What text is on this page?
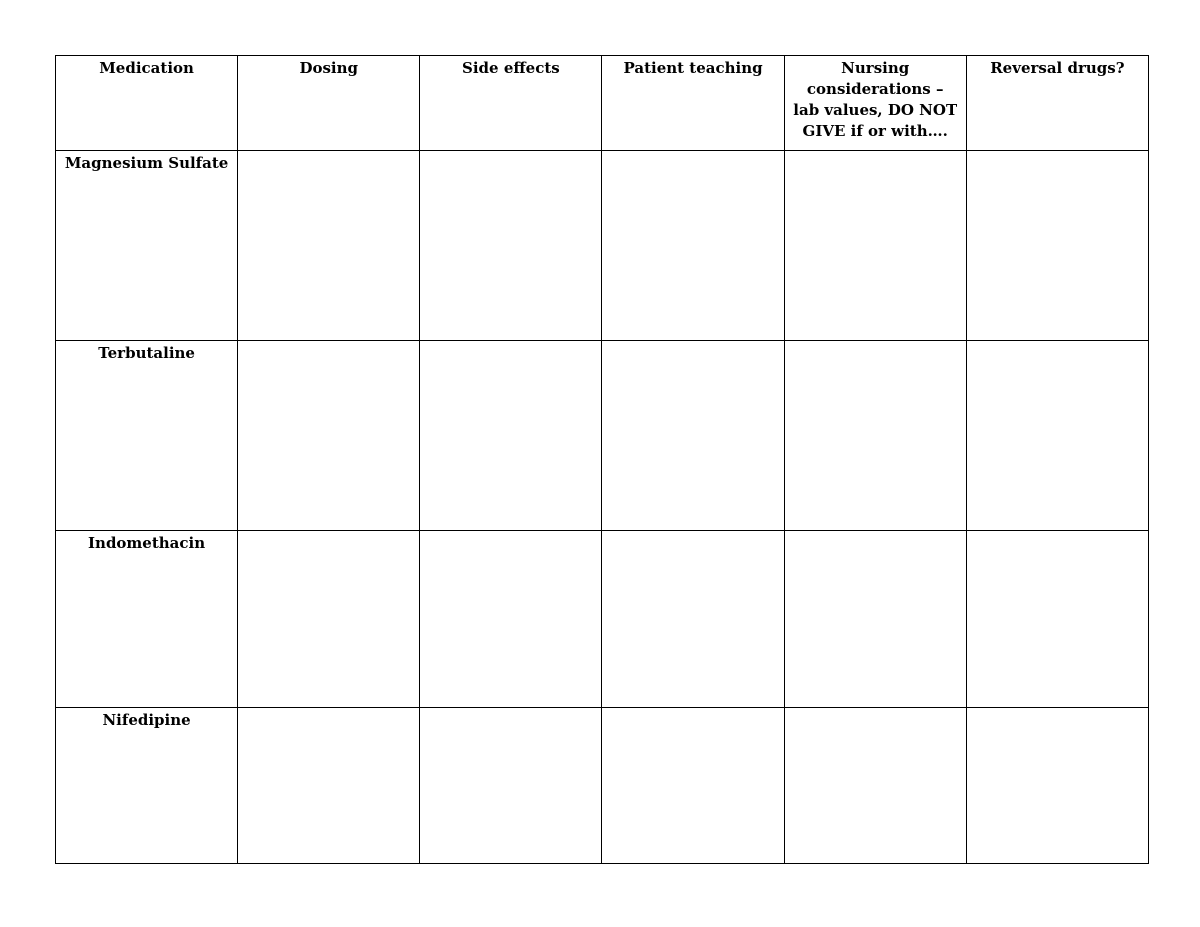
Medication	Dosing	Side effects	Patient teaching	Nursing considerations – lab values, DO NOT GIVE if or with….	Reversal drugs?

Magnesium Sulfate					

Terbutaline					

Indomethacin					

Nifedipine					
